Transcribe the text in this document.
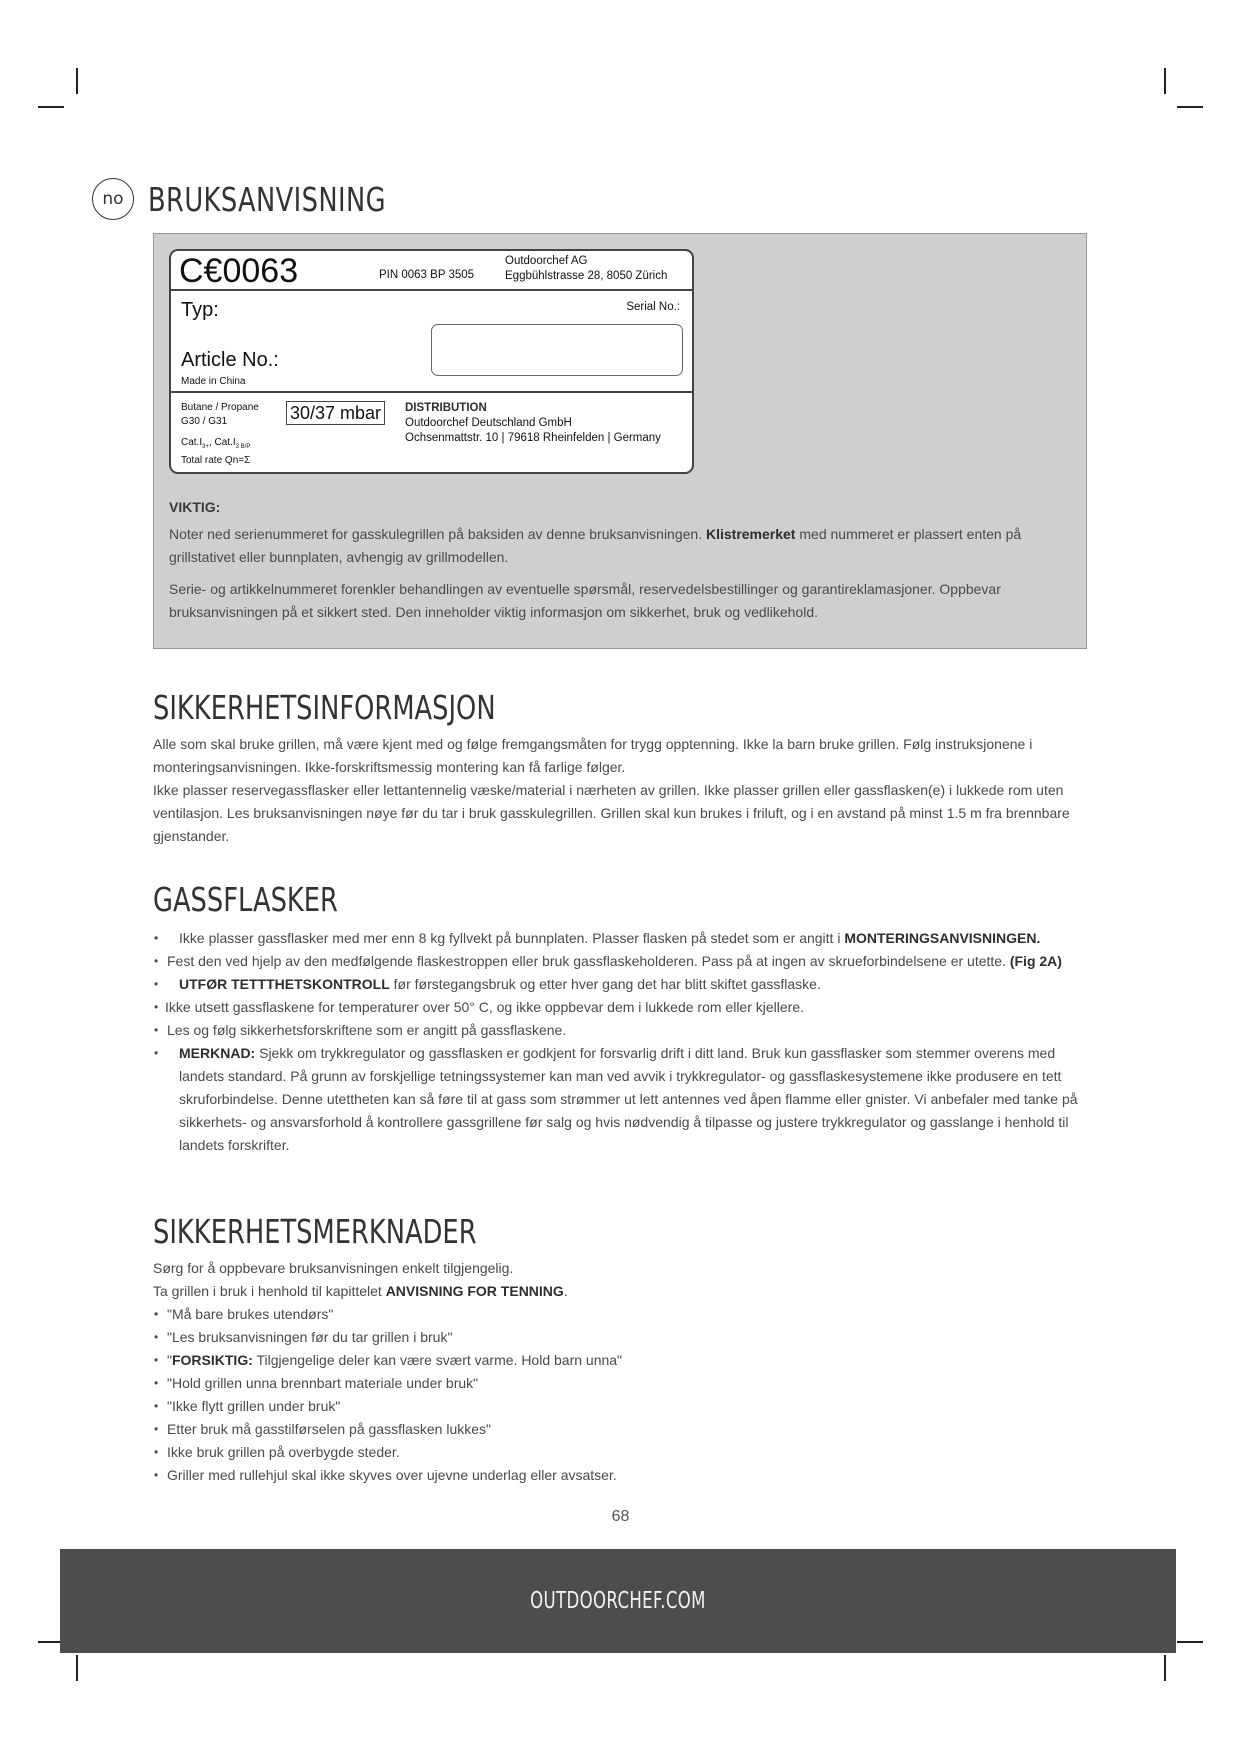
no BRUKSANVISNING
C€0063	PIN 0063 BP 3505
Outdoorchef AG
Eggbühlstrasse 28, 8050 Zürich
Typ:	Serial No.:
Article No.:
Made in China
Butane / Propane
G30 / G31	30/37 mbar
$Cat.I_{3+}$, $Cat.I_{3 B/P}$
Total rate Qn=Σ
DISTRIBUTION
Outdoorchef Deutschland GmbH
Ochsenmattstr. 10 | 79618 Rheinfelden | Germany
VIKTIG:

Noter ned serienummeret for gasskulegrillen på baksiden av denne bruksanvisningen. Klistremerket med nummeret er plassert enten på grillstativet eller bunnplaten, avhengig av grillmodellen.

Serie- og artikkelnummeret forenkler behandlingen av eventuelle spørsmål, reservedelsbestillinger og garantireklamasjoner. Oppbevar bruksanvisningen på et sikkert sted. Den inneholder viktig informasjon om sikkerhet, bruk og vedlikehold.

SIKKERHETSINFORMASJON

Alle som skal bruke grillen, må være kjent med og følge fremgangsmåten for trygg opptenning. Ikke la barn bruke grillen. Følg instruksjonene i monteringsanvisningen. Ikke-forskriftsmessig montering kan få farlige følger.

Ikke plasser reservegassflasker eller lettantennelig væske/material i nærheten av grillen. Ikke plasser grillen eller gassflasken(e) i lukkede rom uten ventilasjon. Les bruksanvisningen nøye før du tar i bruk gasskulegrillen. Grillen skal kun brukes i friluft, og i en avstand på minst 1.5 m fra brennbare gjenstander.

GASSFLASKER
• Ikke plasser gassflasker med mer enn 8 kg fyllvekt på bunnplaten. Plasser flasken på stedet som er angitt i MONTERINGSANVISNINGEN.
• Fest den ved hjelp av den medfølgende flaskestroppen eller bruk gassflaskeholderen. Pass på at ingen av skrueforbindelsene er utette. (Fig 2A)
• UTFØR TETTTHETSKONTROLL før førstegangsbruk og etter hver gang det har blitt skiftet gassflaske.
• Ikke utsett gassflaskene for temperaturer over 50° C, og ikke oppbevar dem i lukkede rom eller kjellere.
• Les og følg sikkerhetsforskriftene som er angitt på gassflaskene.
• MERKNAD: Sjekk om trykkregulator og gassflasken er godkjent for forsvarlig drift i ditt land. Bruk kun gassflasker som stemmer overens med landets standard. På grunn av forskjellige tetningssystemer kan man ved avvik i trykkregulator- og gassflaskesystemene ikke produsere en tett skruforbindelse. Denne utettheten kan så føre til at gass som strømmer ut lett antennes ved åpen flamme eller gnister. Vi anbefaler med tanke på sikkerhets- og ansvarsforhold å kontrollere gassgrillene før salg og hvis nødvendig å tilpasse og justere trykkregulator og gasslange i henhold til landets forskrifter.
SIKKERHETSMERKNADER

Sørg for å oppbevare bruksanvisningen enkelt tilgjengelig.

Ta grillen i bruk i henhold til kapittelet ANVISNING FOR TENNING.

• "Må bare brukes utendørs"
• "Les bruksanvisningen før du tar grillen i bruk"
• "FORSIKTIG: Tilgjengelige deler kan være svært varme. Hold barn unna"
• "Hold grillen unna brennbart materiale under bruk"
• "Ikke flytt grillen under bruk"
• Etter bruk må gasstilførselen på gassflasken lukkes"
• Ikke bruk grillen på overbygde steder.
• Griller med rullehjul skal ikke skyves over ujevne underlag eller avsatser.
68
OUTDOORCHEF.COM
